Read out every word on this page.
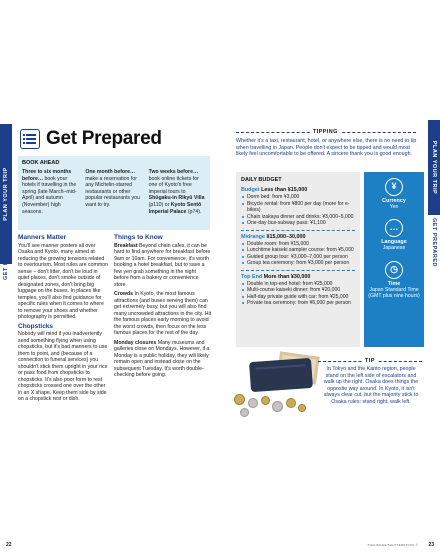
PLAN YOUR TRIP
GET PREPARED
PLAN YOUR TRIP
GET PREPARED
Get Prepared
BOOK AHEAD
Three to six months before… book your hotels if travelling in the spring (late March–mid-April) and autumn (November) high seasons.
One month before… make a reservation for any Michelin-starred restaurants or other popular restaurants you want to try.
Two weeks before… book online tickets for one of Kyoto's free imperial tours to Shūgaku-in Rikyū Villa (p110) or Kyoto Sentō Imperial Palace (p74).
Manners Matter

You'll see manner posters all over Osaka and Kyoto, many aimed at reducing the growing tensions related to overtourism. Most rules are common sense – don't litter, don't be loud in quiet places, don't smoke outside of designated zones, don't bring big luggage on the buses. In places like temples, you'll also find guidance for specific rules when it comes to where to remove your shoes and whether photography is permitted.

Chopsticks

Nobody will mind if you inadvertently send something flying when using chopsticks, but it's bad manners to use them to point, and (because of a connection to funeral services) you shouldn't stick them upright in your rice or pass food from chopsticks to chopsticks. It's also poor form to rest chopsticks crossed one over the other in an X shape. Keep them side by side on a chopstick rest or dish.

Things to Know

Breakfast Beyond chain cafes, it can be hard to find anywhere for breakfast before 9am or 10am. For convenience, it's worth booking a hotel breakfast, but to save a few yen grab something in the night before from a bakery or convenience store.

Crowds In Kyoto, the most famous attractions (and buses serving them) can get extremely busy, but you will also find many uncrowded attractions in the city. Hit the famous places early morning to avoid the worst crowds, then focus on the less famous places for the rest of the day.

Monday closures Many museums and galleries close on Mondays. However, if a Monday is a public holiday, they will likely remain open and instead close on the subsequent Tuesday. It's worth double-checking before going.

TIPPING
Whether it's a taxi, restaurant, hotel, or anywhere else, there is no need to tip when travelling in Japan. People don't expect to be tipped and would most likely feel uncomfortable to be offered. A sincere thank you is good enough.
DAILY BUDGET
Budget Less than ¥15,000
Dorm bed: from ¥3,000
Bicycle rental: from ¥800 per day (more for e-bikes)
Chain izakaya dinner and drinks: ¥3,000–5,000
One-day bus-subway pass: ¥1,100
Midrange ¥15,000–30,000
Double room: from ¥15,000
Lunchtime kaiseki sampler course: from ¥5,000
Guided group tour: ¥3,000–7,000 per person
Group tea ceremony: from ¥3,000 per person
Top End More than ¥30,000
Double in top-end hotel: from ¥25,000
Multi-course kaiseki dinner: from ¥20,000
Half-day private guide with car: from ¥25,000
Private tea ceremony: from ¥6,000 per person
¥
Currency
Yen
…
Language
Japanese
◷
Time
Japan Standard Time (GMT plus nine hours)
TIP
In Tokyo and the Kanto region, people stand on the left side of escalators and walk up the right. Osaka does things the opposite way around. In Kyoto, it isn't always clear cut, but the majority stick to Osaka rules: stand right, walk left.
22	THALIMAGE/SHUTTERSTOCK © 23
